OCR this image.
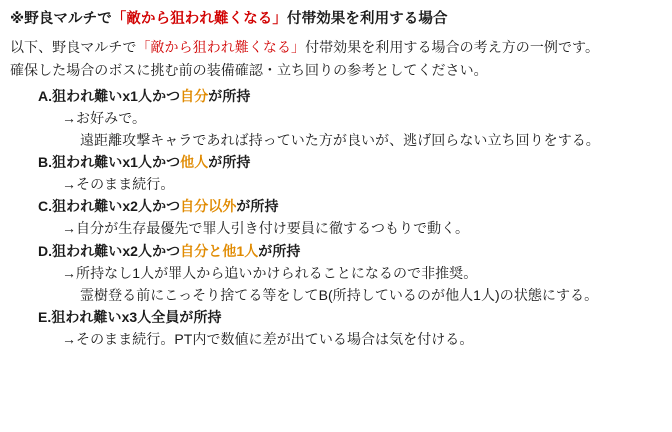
※野良マルチで「敵から狙われ難くなる」付帯効果を利用する場合
以下、野良マルチで「敵から狙われ難くなる」付帯効果を利用する場合の考え方の一例です。
確保した場合のボスに挑む前の装備確認・立ち回りの参考としてください。
A.狙われ難いx1人かつ自分が所持
→お好みで。
遠距離攻撃キャラであれば持っていた方が良いが、逃げ回らない立ち回りをする。
B.狙われ難いx1人かつ他人が所持
→そのまま続行。
C.狙われ難いx2人かつ自分以外が所持
→自分が生存最優先で罪人引き付け要員に徹するつもりで動く。
D.狙われ難いx2人かつ自分と他1人が所持
→所持なし1人が罪人から追いかけられることになるので非推奨。
霊樹登る前にこっそり捨てる等をしてB(所持しているのが他人1人)の状態にする。
E.狙われ難いx3人全員が所持
→そのまま続行。PT内で数値に差が出ている場合は気を付ける。
